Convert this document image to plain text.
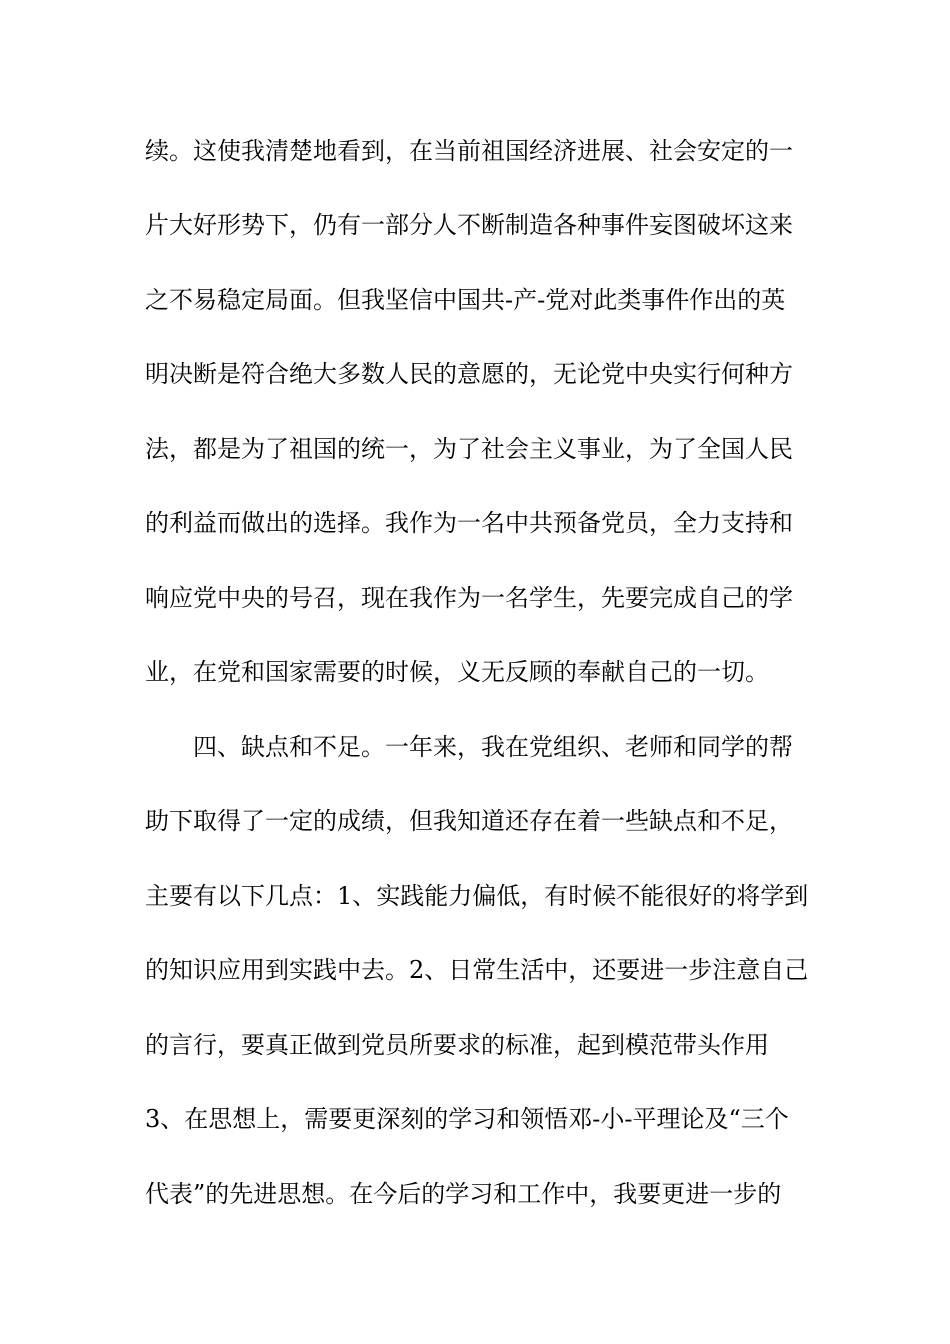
续。这使我清楚地看到，在当前祖国经济进展、社会安定的一
片大好形势下，仍有一部分人不断制造各种事件妄图破坏这来
之不易稳定局面。但我坚信中国共-产-党对此类事件作出的英
明决断是符合绝大多数人民的意愿的，无论党中央实行何种方
法，都是为了祖国的统一，为了社会主义事业，为了全国人民
的利益而做出的选择。我作为一名中共预备党员，全力支持和
响应党中央的号召，现在我作为一名学生，先要完成自己的学
业，在党和国家需要的时候，义无反顾的奉献自己的一切。
四、缺点和不足。一年来，我在党组织、老师和同学的帮
助下取得了一定的成绩，但我知道还存在着一些缺点和不足，
主要有以下几点：1、实践能力偏低，有时候不能很好的将学到
的知识应用到实践中去。2、日常生活中，还要进一步注意自己
的言行，要真正做到党员所要求的标准，起到模范带头作用
3、在思想上，需要更深刻的学习和领悟邓-小-平理论及“三个
代表”的先进思想。在今后的学习和工作中，我要更进一步的
